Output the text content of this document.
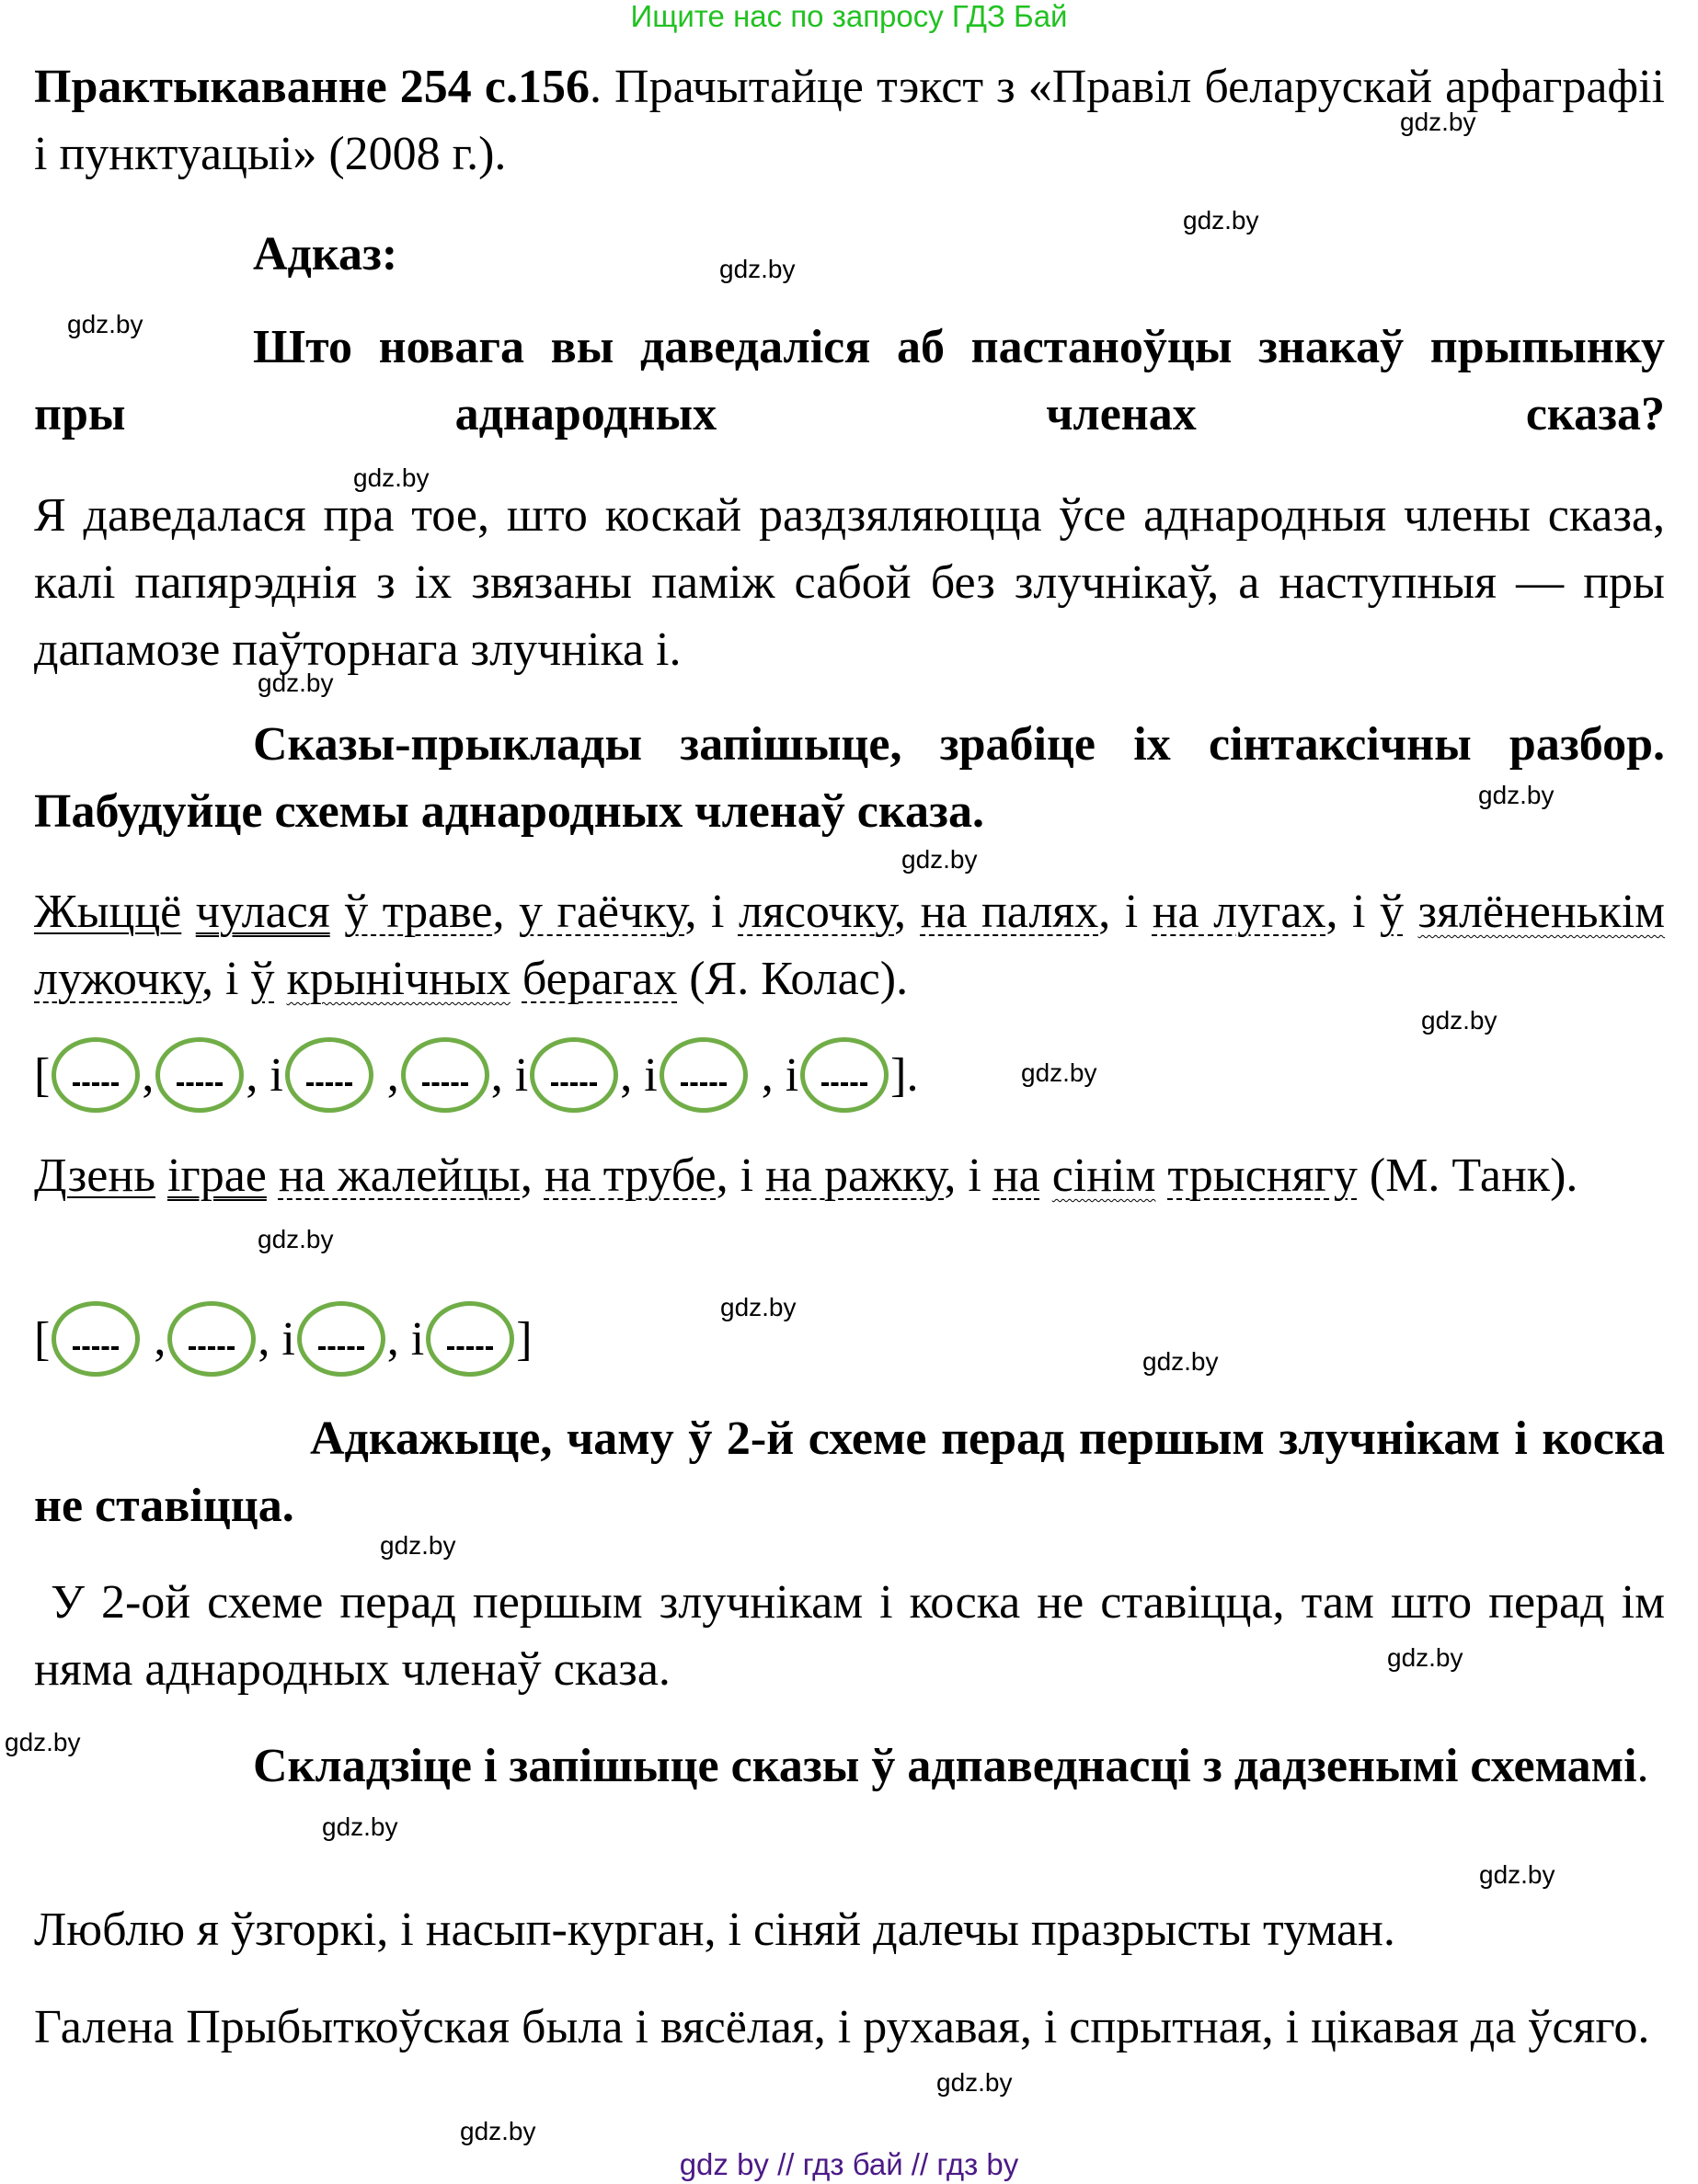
Ищите нас по запросу ГДЗ Бай
Практыкаванне 254 с.156. Прачытайце тэкст з «Правіл беларускай арфаграфіі і пунктуацыі» (2008 г.).
Адказ:
Што новага вы даведаліся аб пастаноўцы знакаў прыпынку пры аднародных членах сказа?
Я даведалася пра тое, што коскай раздзяляюцца ўсе аднародныя члены сказа, калі папярэднія з іх звязаны паміж сабой без злучнікаў, а наступныя — пры дапамозе паўторнага злучніка і.
Сказы-прыклады запішыце, зрабіце іх сінтаксічны разбор. Пабудуйце схемы аднародных членаў сказа.
Жыццё чулася ў траве, у гаёчку, і лясочку, на палях, і на лугах, і ў зялёненькім лужочку, і ў крынічных берагах (Я. Колас).
[ , , і , , і , і , і ].
Дзень іграе на жалейцы, на трубе, і на ражку, і на сінім трыснягу (М. Танк).
[ , , і , і ]
Адкажыце, чаму ў 2-й схеме перад першым злучнікам і коска не ставіцца.
У 2-ой схеме перад першым злучнікам і коска не ставіцца, там што перад ім няма аднародных членаў сказа.
Складзіце і запішыце сказы ў адпаведнасці з дадзенымі схемамі.
Люблю я ўзгоркі, і насып-курган, і сіняй далечы празрысты туман.
Галена Прыбыткоўская была і вясёлая, і рухавая, і спрытная, і цікавая да ўсяго.
gdz.by
gdz.by
gdz.by
gdz.by
gdz.by
gdz.by
gdz.by
gdz.by
gdz.by
gdz.by
gdz.by
gdz.by
gdz.by
gdz.by
gdz.by
gdz.by
gdz.by
gdz.by
gdz.by
gdz.by
gdz by // гдз бай // гдз by
